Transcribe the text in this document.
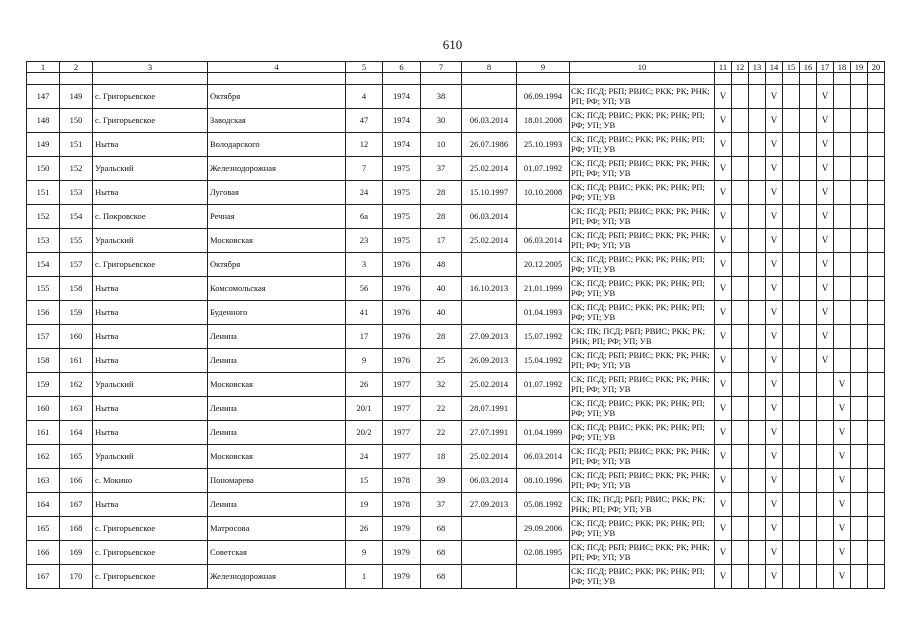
610
1	2	3	4	5	6	7	8	9	10	11	12	13	14	15	16	17	18	19	20

147	149	с. Григорьевское	Октября	4	1974	38		06.09.1994	СК; ПСД; РБП; РВИС; РКК; РК; РНК; РП; РФ; УП; УВ	V			V			V			
148	150	с. Григорьевское	Заводская	47	1974	30	06.03.2014	18.01.2008	СК; ПСД; РВИС; РКК; РК; РНК; РП; РФ; УП; УВ	V			V			V			
149	151	Нытва	Володарского	12	1974	10	26.07.1986	25.10.1993	СК; ПСД; РВИС; РКК; РК; РНК; РП; РФ; УП; УВ	V			V			V			
150	152	Уральский	Железнодорожная	7	1975	37	25.02.2014	01.07.1992	СК; ПСД; РБП; РВИС; РКК; РК; РНК; РП; РФ; УП; УВ	V			V			V			
151	153	Нытва	Луговая	24	1975	28	15.10.1997	10.10.2008	СК; ПСД; РВИС; РКК; РК; РНК; РП; РФ; УП; УВ	V			V			V			
152	154	с. Покровское	Речная	6а	1975	28	06.03.2014		СК; ПСД; РБП; РВИС; РКК; РК; РНК; РП; РФ; УП; УВ	V			V			V			
153	155	Уральский	Московская	23	1975	17	25.02.2014	06.03.2014	СК; ПСД; РБП; РВИС; РКК; РК; РНК; РП; РФ; УП; УВ	V			V			V			
154	157	с. Григорьевское	Октября	3	1976	48		20.12.2005	СК; ПСД; РВИС; РКК; РК; РНК; РП; РФ; УП; УВ	V			V			V			
155	158	Нытва	Комсомольская	56	1976	40	16.10.2013	21.01.1999	СК; ПСД; РВИС; РКК; РК; РНК; РП; РФ; УП; УВ	V			V			V			
156	159	Нытва	Буденного	41	1976	40		01.04.1993	СК; ПСД; РВИС; РКК; РК; РНК; РП; РФ; УП; УВ	V			V			V			
157	160	Нытва	Ленина	17	1976	28	27.09.2013	15.07.1992	СК; ПК; ПСД; РБП; РВИС; РКК; РК; РНК; РП; РФ; УП; УВ	V			V			V			
158	161	Нытва	Ленина	9	1976	25	26.09.2013	15.04.1992	СК; ПСД; РБП; РВИС; РКК; РК; РНК; РП; РФ; УП; УВ	V			V			V			
159	162	Уральский	Московская	26	1977	32	25.02.2014	01.07.1992	СК; ПСД; РБП; РВИС; РКК; РК; РНК; РП; РФ; УП; УВ	V			V				V		
160	163	Нытва	Ленина	20/1	1977	22	28.07.1991		СК; ПСД; РВИС; РКК; РК; РНК; РП; РФ; УП; УВ	V			V				V		
161	164	Нытва	Ленина	20/2	1977	22	27.07.1991	01.04.1999	СК; ПСД; РВИС; РКК; РК; РНК; РП; РФ; УП; УВ	V			V				V		
162	165	Уральский	Московская	24	1977	18	25.02.2014	06.03.2014	СК; ПСД; РБП; РВИС; РКК; РК; РНК; РП; РФ; УП; УВ	V			V				V		
163	166	с. Мокино	Пономарева	15	1978	39	06.03.2014	08.10.1996	СК; ПСД; РБП; РВИС; РКК; РК; РНК; РП; РФ; УП; УВ	V			V				V		
164	167	Нытва	Ленина	19	1978	37	27.09.2013	05.08.1992	СК; ПК; ПСД; РБП; РВИС; РКК; РК; РНК; РП; РФ; УП; УВ	V			V				V		
165	168	с. Григорьевское	Матросова	26	1979	68		29.09.2006	СК; ПСД; РВИС; РКК; РК; РНК; РП; РФ; УП; УВ	V			V				V		
166	169	с. Григорьевское	Советская	9	1979	68		02.08.1995	СК; ПСД; РБП; РВИС; РКК; РК; РНК; РП; РФ; УП; УВ	V			V				V		
167	170	с. Григорьевское	Железнодорожная	1	1979	68			СК; ПСД; РВИС; РКК; РК; РНК; РП; РФ; УП; УВ	V			V				V		
